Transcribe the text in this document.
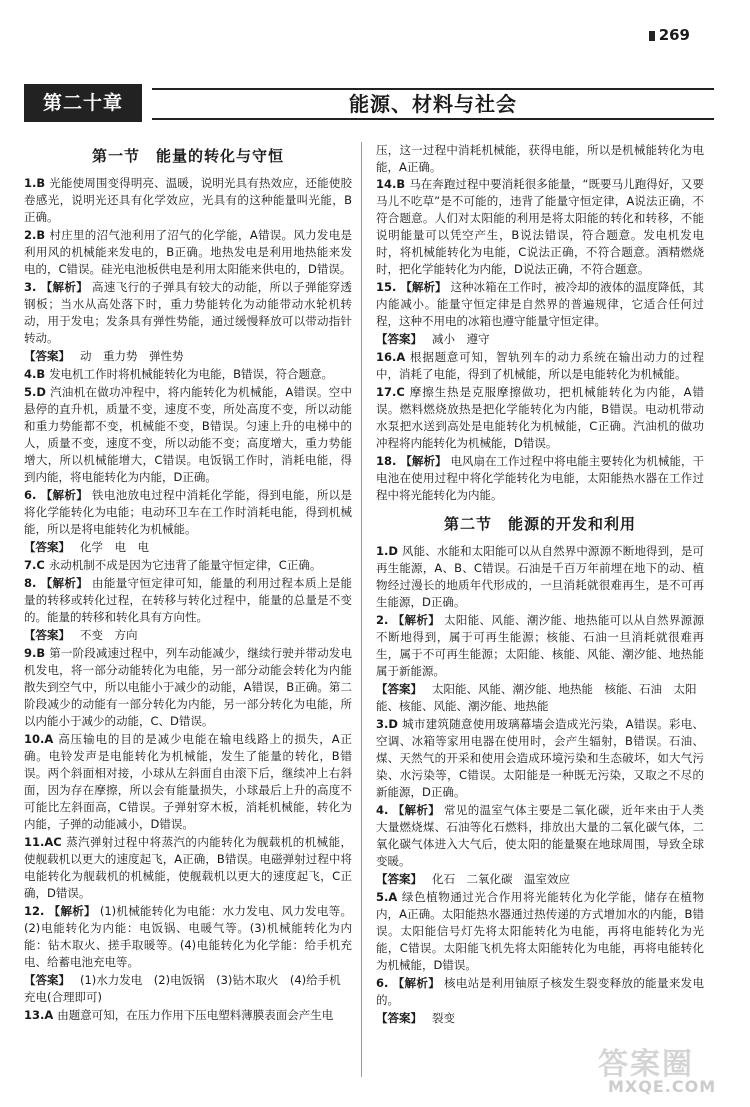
269
第二十章	能源、材料与社会
第一节　能量的转化与守恒
1.B 光能使周围变得明亮、温暖，说明光具有热效应，还能使胶卷感光，说明光还具有化学效应，光具有的这种能量叫光能，B正确。
2.B 村庄里的沼气池利用了沼气的化学能，A错误。风力发电是利用风的机械能来发电的，B正确。地热发电是利用地热能来发电的，C错误。硅光电池板供电是利用太阳能来供电的，D错误。
3. 【解析】 高速飞行的子弹具有较大的动能，所以子弹能穿透钢板；当水从高处落下时，重力势能转化为动能带动水轮机转动，用于发电；发条具有弹性势能，通过缓慢释放可以带动指针转动。
【答案】 动　重力势　弹性势
4.B 发电机工作时将机械能转化为电能，B错误，符合题意。
5.D 汽油机在做功冲程中，将内能转化为机械能，A错误。空中悬停的直升机，质量不变，速度不变，所处高度不变，所以动能和重力势能都不变，机械能不变，B错误。匀速上升的电梯中的人，质量不变，速度不变，所以动能不变；高度增大，重力势能增大，所以机械能增大，C错误。电饭锅工作时，消耗电能，得到内能，将电能转化为内能，D正确。
6. 【解析】 铁电池放电过程中消耗化学能，得到电能，所以是将化学能转化为电能；电动环卫车在工作时消耗电能，得到机械能，所以是将电能转化为机械能。
【答案】 化学　电　电
7.C 永动机制不成是因为它违背了能量守恒定律，C正确。
8. 【解析】 由能量守恒定律可知，能量的利用过程本质上是能量的转移或转化过程，在转移与转化过程中，能量的总量是不变的。能量的转移和转化具有方向性。
【答案】 不变　方向
9.B 第一阶段减速过程中，列车动能减少，继续行驶并带动发电机发电，将一部分动能转化为电能，另一部分动能会转化为内能散失到空气中，所以电能小于减少的动能，A错误，B正确。第二阶段减少的动能有一部分转化为内能，另一部分转化为电能，所以内能小于减少的动能，C、D错误。
10.A 高压输电的目的是减少电能在输电线路上的损失，A正确。电铃发声是电能转化为机械能，发生了能量的转化，B错误。两个斜面相对接，小球从左斜面自由滚下后，继续冲上右斜面，因为存在摩擦，所以会有能量损失，小球最后上升的高度不可能比左斜面高，C错误。子弹射穿木板，消耗机械能，转化为内能，子弹的动能减小，D错误。
11.AC 蒸汽弹射过程中将蒸汽的内能转化为舰载机的机械能，使舰载机以更大的速度起飞，A正确，B错误。电磁弹射过程中将电能转化为舰载机的机械能，使舰载机以更大的速度起飞，C正确，D错误。
12. 【解析】 (1)机械能转化为电能：水力发电、风力发电等。(2)电能转化为内能：电饭锅、电暖气等。(3)机械能转化为内能：钻木取火、搓手取暖等。(4)电能转化为化学能：给手机充电、给蓄电池充电等。
【答案】 (1)水力发电　(2)电饭锅　(3)钻木取火　(4)给手机充电(合理即可)
13.A 由题意可知，在压力作用下压电塑料薄膜表面会产生电
压，这一过程中消耗机械能，获得电能，所以是机械能转化为电能，A正确。
14.B 马在奔跑过程中要消耗很多能量，“既要马儿跑得好，又要马儿不吃草”是不可能的，违背了能量守恒定律，A说法正确，不符合题意。人们对太阳能的利用是将太阳能的转化和转移，不能说明能量可以凭空产生，B说法错误，符合题意。发电机发电时，将机械能转化为电能，C说法正确，不符合题意。酒精燃烧时，把化学能转化为内能，D说法正确，不符合题意。
15. 【解析】 这种冰箱在工作时，被冷却的液体的温度降低，其内能减小。能量守恒定律是自然界的普遍规律，它适合任何过程，这种不用电的冰箱也遵守能量守恒定律。
【答案】 减小　遵守
16.A 根据题意可知，智轨列车的动力系统在输出动力的过程中，消耗了电能，得到了机械能，所以是电能转化为机械能。
17.C 摩擦生热是克服摩擦做功，把机械能转化为内能，A错误。燃料燃烧放热是把化学能转化为内能，B错误。电动机带动水泵把水送到高处是电能转化为机械能，C正确。汽油机的做功冲程将内能转化为机械能，D错误。
18. 【解析】 电风扇在工作过程中将电能主要转化为机械能，干电池在使用过程中将化学能转化为电能，太阳能热水器在工作过程中将光能转化为内能。
第二节　能源的开发和利用
1.D 风能、水能和太阳能可以从自然界中源源不断地得到，是可再生能源，A、B、C错误。石油是千百万年前埋在地下的动、植物经过漫长的地质年代形成的，一旦消耗就很难再生，是不可再生能源，D正确。
2. 【解析】 太阳能、风能、潮汐能、地热能可以从自然界源源不断地得到，属于可再生能源；核能、石油一旦消耗就很难再生，属于不可再生能源；太阳能、核能、风能、潮汐能、地热能属于新能源。
【答案】 太阳能、风能、潮汐能、地热能　核能、石油　太阳能、核能、风能、潮汐能、地热能
3.D 城市建筑随意使用玻璃幕墙会造成光污染，A错误。彩电、空调、冰箱等家用电器在使用时，会产生辐射，B错误。石油、煤、天然气的开采和使用会造成环境污染和生态破坏，如大气污染、水污染等，C错误。太阳能是一种既无污染，又取之不尽的新能源，D正确。
4. 【解析】 常见的温室气体主要是二氧化碳，近年来由于人类大量燃烧煤、石油等化石燃料，排放出大量的二氧化碳气体，二氧化碳气体进入大气后，使太阳的能量聚在地球周围，导致全球变暖。
【答案】 化石　二氧化碳　温室效应
5.A 绿色植物通过光合作用将光能转化为化学能，储存在植物内，A正确。太阳能热水器通过热传递的方式增加水的内能，B错误。太阳能信号灯先将太阳能转化为电能，再将电能转化为光能，C错误。太阳能飞机先将太阳能转化为电能，再将电能转化为机械能，D错误。
6. 【解析】 核电站是利用铀原子核发生裂变释放的能量来发电的。
【答案】 裂变
答案圈
MXQE.COM
